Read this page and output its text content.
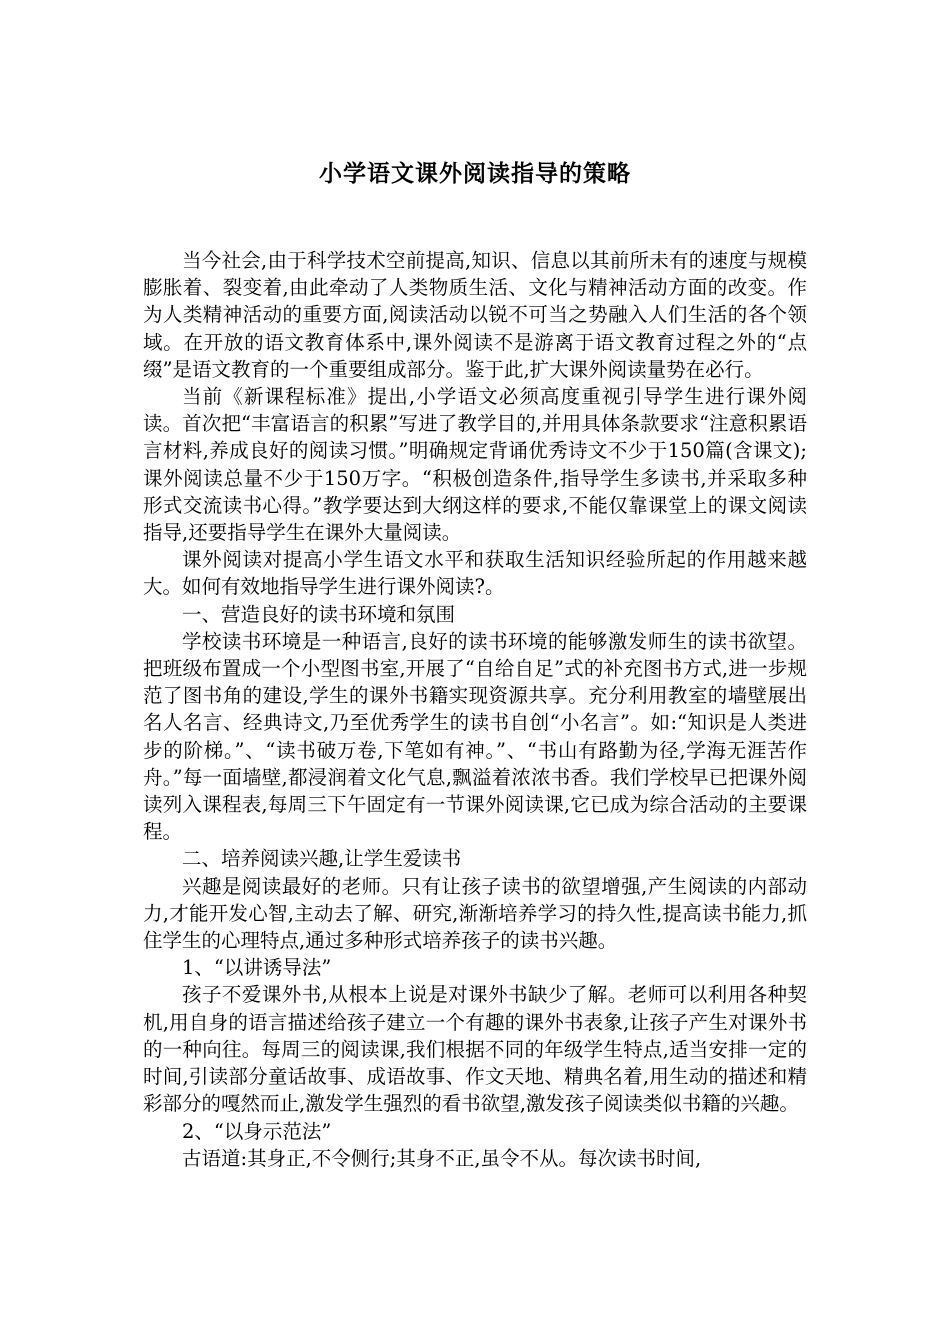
小学语文课外阅读指导的策略

当今社会,由于科学技术空前提高,知识、信息以其前所未有的速度与规模膨胀着、裂变着,由此牵动了人类物质生活、文化与精神活动方面的改变。作为人类精神活动的重要方面,阅读活动以锐不可当之势融入人们生活的各个领域。在开放的语文教育体系中,课外阅读不是游离于语文教育过程之外的“点缀”是语文教育的一个重要组成部分。鉴于此,扩大课外阅读量势在必行。

当前《新课程标准》提出,小学语文必须高度重视引导学生进行课外阅读。首次把“丰富语言的积累”写进了教学目的,并用具体条款要求“注意积累语言材料,养成良好的阅读习惯。”明确规定背诵优秀诗文不少于150篇(含课文);课外阅读总量不少于150万字。“积极创造条件,指导学生多读书,并采取多种形式交流读书心得。”教学要达到大纲这样的要求,不能仅靠课堂上的课文阅读指导,还要指导学生在课外大量阅读。

课外阅读对提高小学生语文水平和获取生活知识经验所起的作用越来越大。如何有效地指导学生进行课外阅读?。

一、营造良好的读书环境和氛围

学校读书环境是一种语言,良好的读书环境的能够激发师生的读书欲望。把班级布置成一个小型图书室,开展了“自给自足”式的补充图书方式,进一步规范了图书角的建设,学生的课外书籍实现资源共享。充分利用教室的墙壁展出名人名言、经典诗文,乃至优秀学生的读书自创“小名言”。如:“知识是人类进步的阶梯。”、“读书破万卷,下笔如有神。”、“书山有路勤为径,学海无涯苦作舟。”每一面墙壁,都浸润着文化气息,飘溢着浓浓书香。我们学校早已把课外阅读列入课程表,每周三下午固定有一节课外阅读课,它已成为综合活动的主要课程。

二、培养阅读兴趣,让学生爱读书

兴趣是阅读最好的老师。只有让孩子读书的欲望增强,产生阅读的内部动力,才能开发心智,主动去了解、研究,渐渐培养学习的持久性,提高读书能力,抓住学生的心理特点,通过多种形式培养孩子的读书兴趣。

1、“以讲诱导法”

孩子不爱课外书,从根本上说是对课外书缺少了解。老师可以利用各种契机,用自身的语言描述给孩子建立一个有趣的课外书表象,让孩子产生对课外书的一种向往。每周三的阅读课,我们根据不同的年级学生特点,适当安排一定的时间,引读部分童话故事、成语故事、作文天地、精典名着,用生动的描述和精彩部分的嘎然而止,激发学生强烈的看书欲望,激发孩子阅读类似书籍的兴趣。

2、“以身示范法”

古语道:其身正,不令侧行;其身不正,虽令不从。每次读书时间,
